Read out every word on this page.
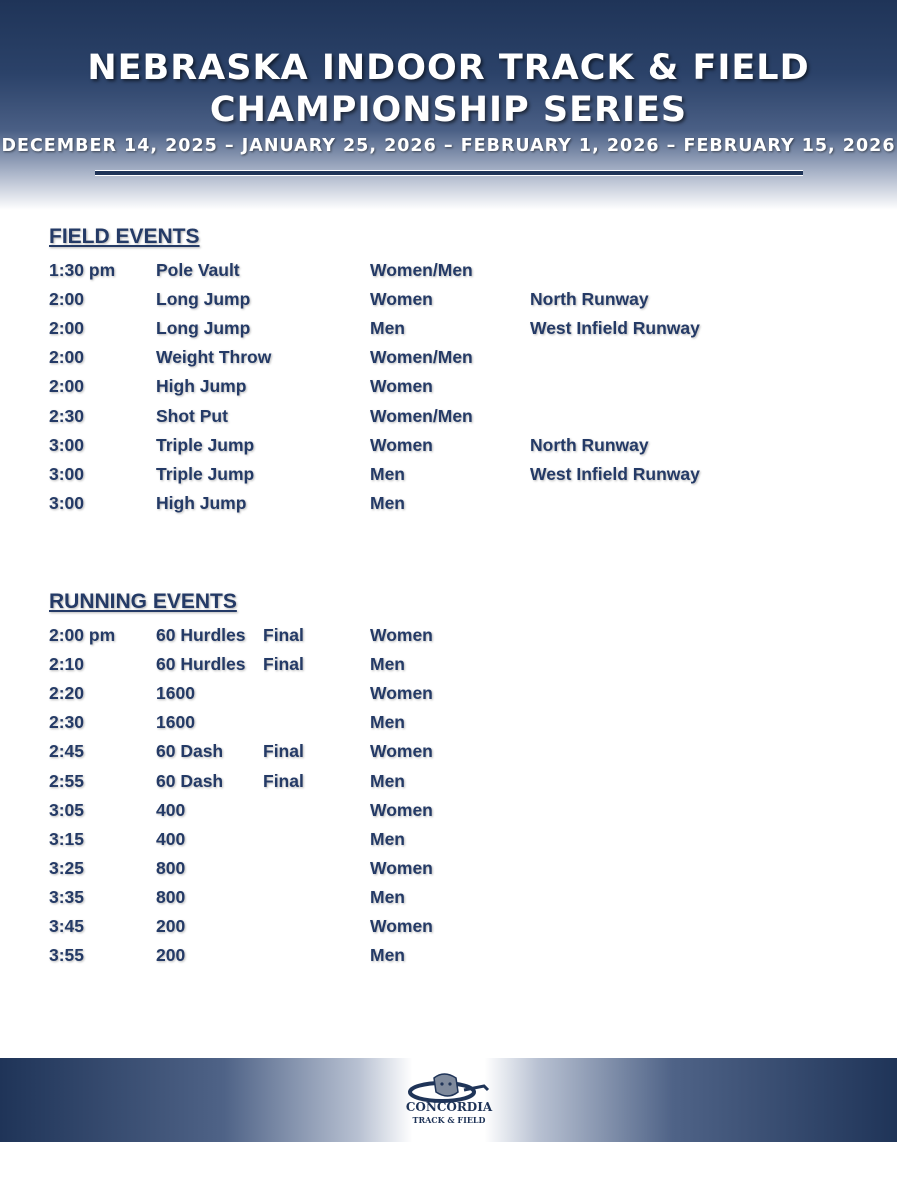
NEBRASKA INDOOR TRACK & FIELD
CHAMPIONSHIP SERIES
DECEMBER 14, 2025 – JANUARY 25, 2026 – FEBRUARY 1, 2026 – FEBRUARY 15, 2026
FIELD EVENTS
1:30 pm Pole Vault	Women/Men
2:00	Long Jump	Women	North Runway
2:00	Long Jump	Men	West Infield Runway
2:00	Weight Throw	Women/Men
2:00	High Jump	Women
2:30	Shot Put	Women/Men
3:00	Triple Jump	Women	North Runway
3:00	Triple Jump	Men	West Infield Runway
3:00	High Jump	Men
RUNNING EVENTS
2:00 pm 60 Hurdles Final	Women
2:10	60 Hurdles Final	Men
2:20	1600	Women
2:30	1600	Men
2:45	60 Dash Final	Women
2:55	60 Dash Final	Men
3:05	400	Women
3:15	400	Men
3:25	800	Women
3:35	800	Men
3:45	200	Women
3:55	200	Men
CONCORDIA
TRACK & FIELD
